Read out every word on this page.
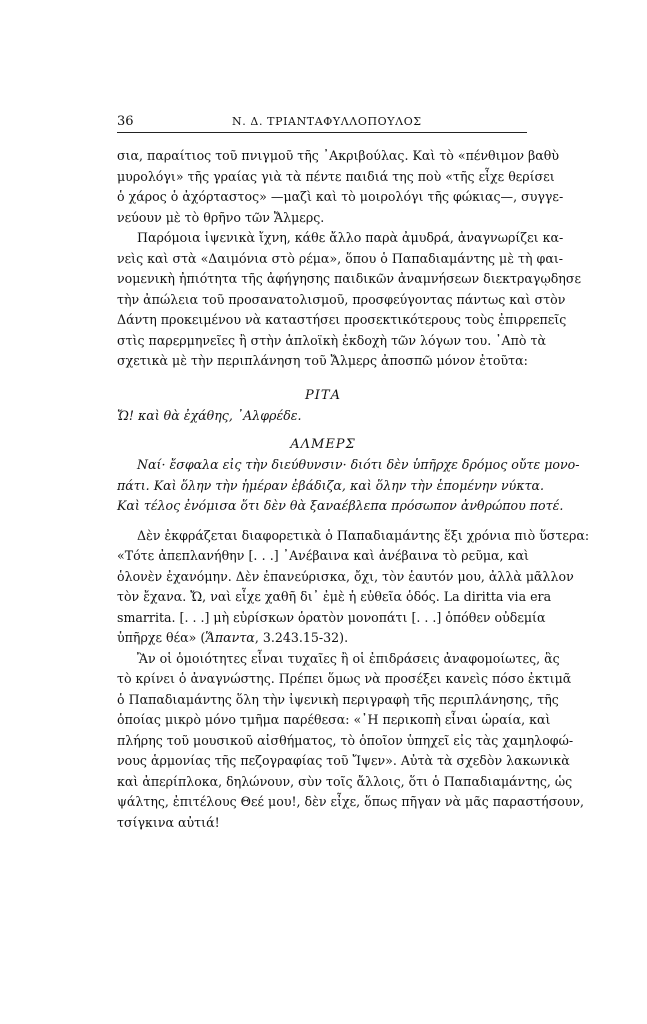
36	Ν. Δ. ΤΡΙΑΝΤΑΦΥΛΛΟΠΟΥΛΟΣ
σια, παραίτιος τοῦ πνιγμοῦ τῆς ᾽Ακριβούλας. Καὶ τὸ «πένθιμον βαθὺ
μυρολόγι» τῆς γραίας γιὰ τὰ πέντε παιδιά της ποὺ «τῆς εἶχε θερίσει
ὁ χάρος ὁ ἀχόρταστος» —μαζὶ καὶ τὸ μοιρολόγι τῆς φώκιας—, συγγε-
νεύουν μὲ τὸ θρῆνο τῶν Ἄλμερς.
Παρόμοια ἰψενικὰ ἴχνη, κάθε ἄλλο παρὰ ἀμυδρά, ἀναγνωρίζει κα-
νεὶς καὶ στὰ «Δαιμόνια στὸ ρέμα», ὅπου ὁ Παπαδιαμάντης μὲ τὴ φαι-
νομενικὴ ἠπιότητα τῆς ἀφήγησης παιδικῶν ἀναμνήσεων διεκτραγῳδησε
τὴν ἀπώλεια τοῦ προσανατολισμοῦ, προσφεύγοντας πάντως καὶ στὸν
Δάντη προκειμένου νὰ καταστήσει προσεκτικότερους τοὺς ἐπιρρεπεῖς
στὶς παρερμηνεῖες ἢ στὴν ἁπλοϊκὴ ἐκδοχὴ τῶν λόγων του. ᾽Απὸ τὰ
σχετικὰ μὲ τὴν περιπλάνηση τοῦ Ἄλμερς ἀποσπῶ μόνον ἐτοῦτα:
ΡΙΤΑ
Ὤ! καὶ θὰ ἐχάθης, ᾽Αλφρέδε.
ΑΛΜΕΡΣ
Ναί· ἔσφαλα εἰς τὴν διεύθυνσιν· διότι δὲν ὑπῆρχε δρόμος οὔτε μονο-
πάτι. Καὶ ὅλην τὴν ἡμέραν ἐβάδιζα, καὶ ὅλην τὴν ἑπομένην νύκτα.
Καὶ τέλος ἐνόμισα ὅτι δὲν θὰ ξαναέβλεπα πρόσωπον ἀνθρώπου ποτέ.
Δὲν ἐκφράζεται διαφορετικὰ ὁ Παπαδιαμάντης ἕξι χρόνια πιὸ ὕστερα:
«Τότε ἀπεπλανήθην [. . .] ᾽Ανέβαινα καὶ ἀνέβαινα τὸ ρεῦμα, καὶ
ὁλονὲν ἐχανόμην. Δὲν ἐπανεύρισκα, ὄχι, τὸν ἑαυτόν μου, ἀλλὰ μᾶλλον
τὸν ἔχανα. Ὤ, ναὶ εἶχε χαθῆ δι᾽ ἐμὲ ἡ εὐθεῖα ὁδός. La diritta via era
smarrita. [. . .] μὴ εὑρίσκων ὁρατὸν μονοπάτι [. . .] ὁπόθεν οὐδεμία
ὑπῆρχε θέα» (Ἅπαντα, 3.243.15-32).
Ἂν οἱ ὁμοιότητες εἶναι τυχαῖες ἢ οἱ ἐπιδράσεις ἀναφομοίωτες, ἃς
τὸ κρίνει ὁ ἀναγνώστης. Πρέπει ὅμως νὰ προσέξει κανεὶς πόσο ἐκτιμᾶ
ὁ Παπαδιαμάντης ὅλη τὴν ἰψενικὴ περιγραφὴ τῆς περιπλάνησης, τῆς
ὁποίας μικρὸ μόνο τμῆμα παρέθεσα: «᾽Η περικοπὴ εἶναι ὡραία, καὶ
πλήρης τοῦ μουσικοῦ αἰσθήματος, τὸ ὁποῖον ὑπηχεῖ εἰς τὰς χαμηλοφώ-
νους ἁρμονίας τῆς πεζογραφίας τοῦ Ἴψεν». Αὐτὰ τὰ σχεδὸν λακωνικὰ
καὶ ἀπερίπλοκα, δηλώνουν, σὺν τοῖς ἄλλοις, ὅτι ὁ Παπαδιαμάντης, ὡς
ψάλτης, ἐπιτέλους Θεέ μου!, δὲν εἶχε, ὅπως πῆγαν νὰ μᾶς παραστήσουν,
τσίγκινα αὐτιά!
